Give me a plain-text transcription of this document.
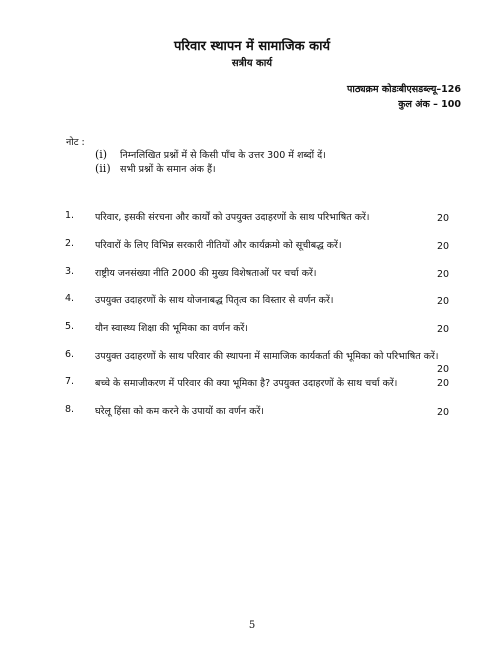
परिवार स्थापन में सामाजिक कार्य
सत्रीय कार्य
पाठ्यक्रम कोडःबीएसडब्ल्यू–126
कुल अंक – 100
नोट :
(i) निम्नलिखित प्रश्नों में से किसी पाँच के उत्तर 300 में शब्दों दें।
(ii) सभी प्रश्नों के समान अंक हैं।
1. परिवार, इसकी संरचना और कार्यों को उपयुक्त उदाहरणों के साथ परिभाषित करें।	20
2. परिवारों के लिए विभिन्न सरकारी नीतियों और कार्यक्रमो को सूचीबद्ध करें।	20
3. राष्ट्रीय जनसंख्या नीति 2000 की मुख्य विशेषताओं पर चर्चा करें।	20
4. उपयुक्त उदाहरणों के साथ योजनाबद्ध पितृत्व का विस्तार से वर्णन करें।	20
5. यौन स्वास्थ्य शिक्षा की भूमिका का वर्णन करें।	20
6. उपयुक्त उदाहरणों के साथ परिवार की स्थापना में सामाजिक कार्यकर्ता की भूमिका को परिभाषित करें।
20
7. बच्चे के समाजीकरण में परिवार की क्या भूमिका है? उपयुक्त उदाहरणों के साथ चर्चा करें।	20
8. घरेलू हिंसा को कम करने के उपायों का वर्णन करें।	20
5
